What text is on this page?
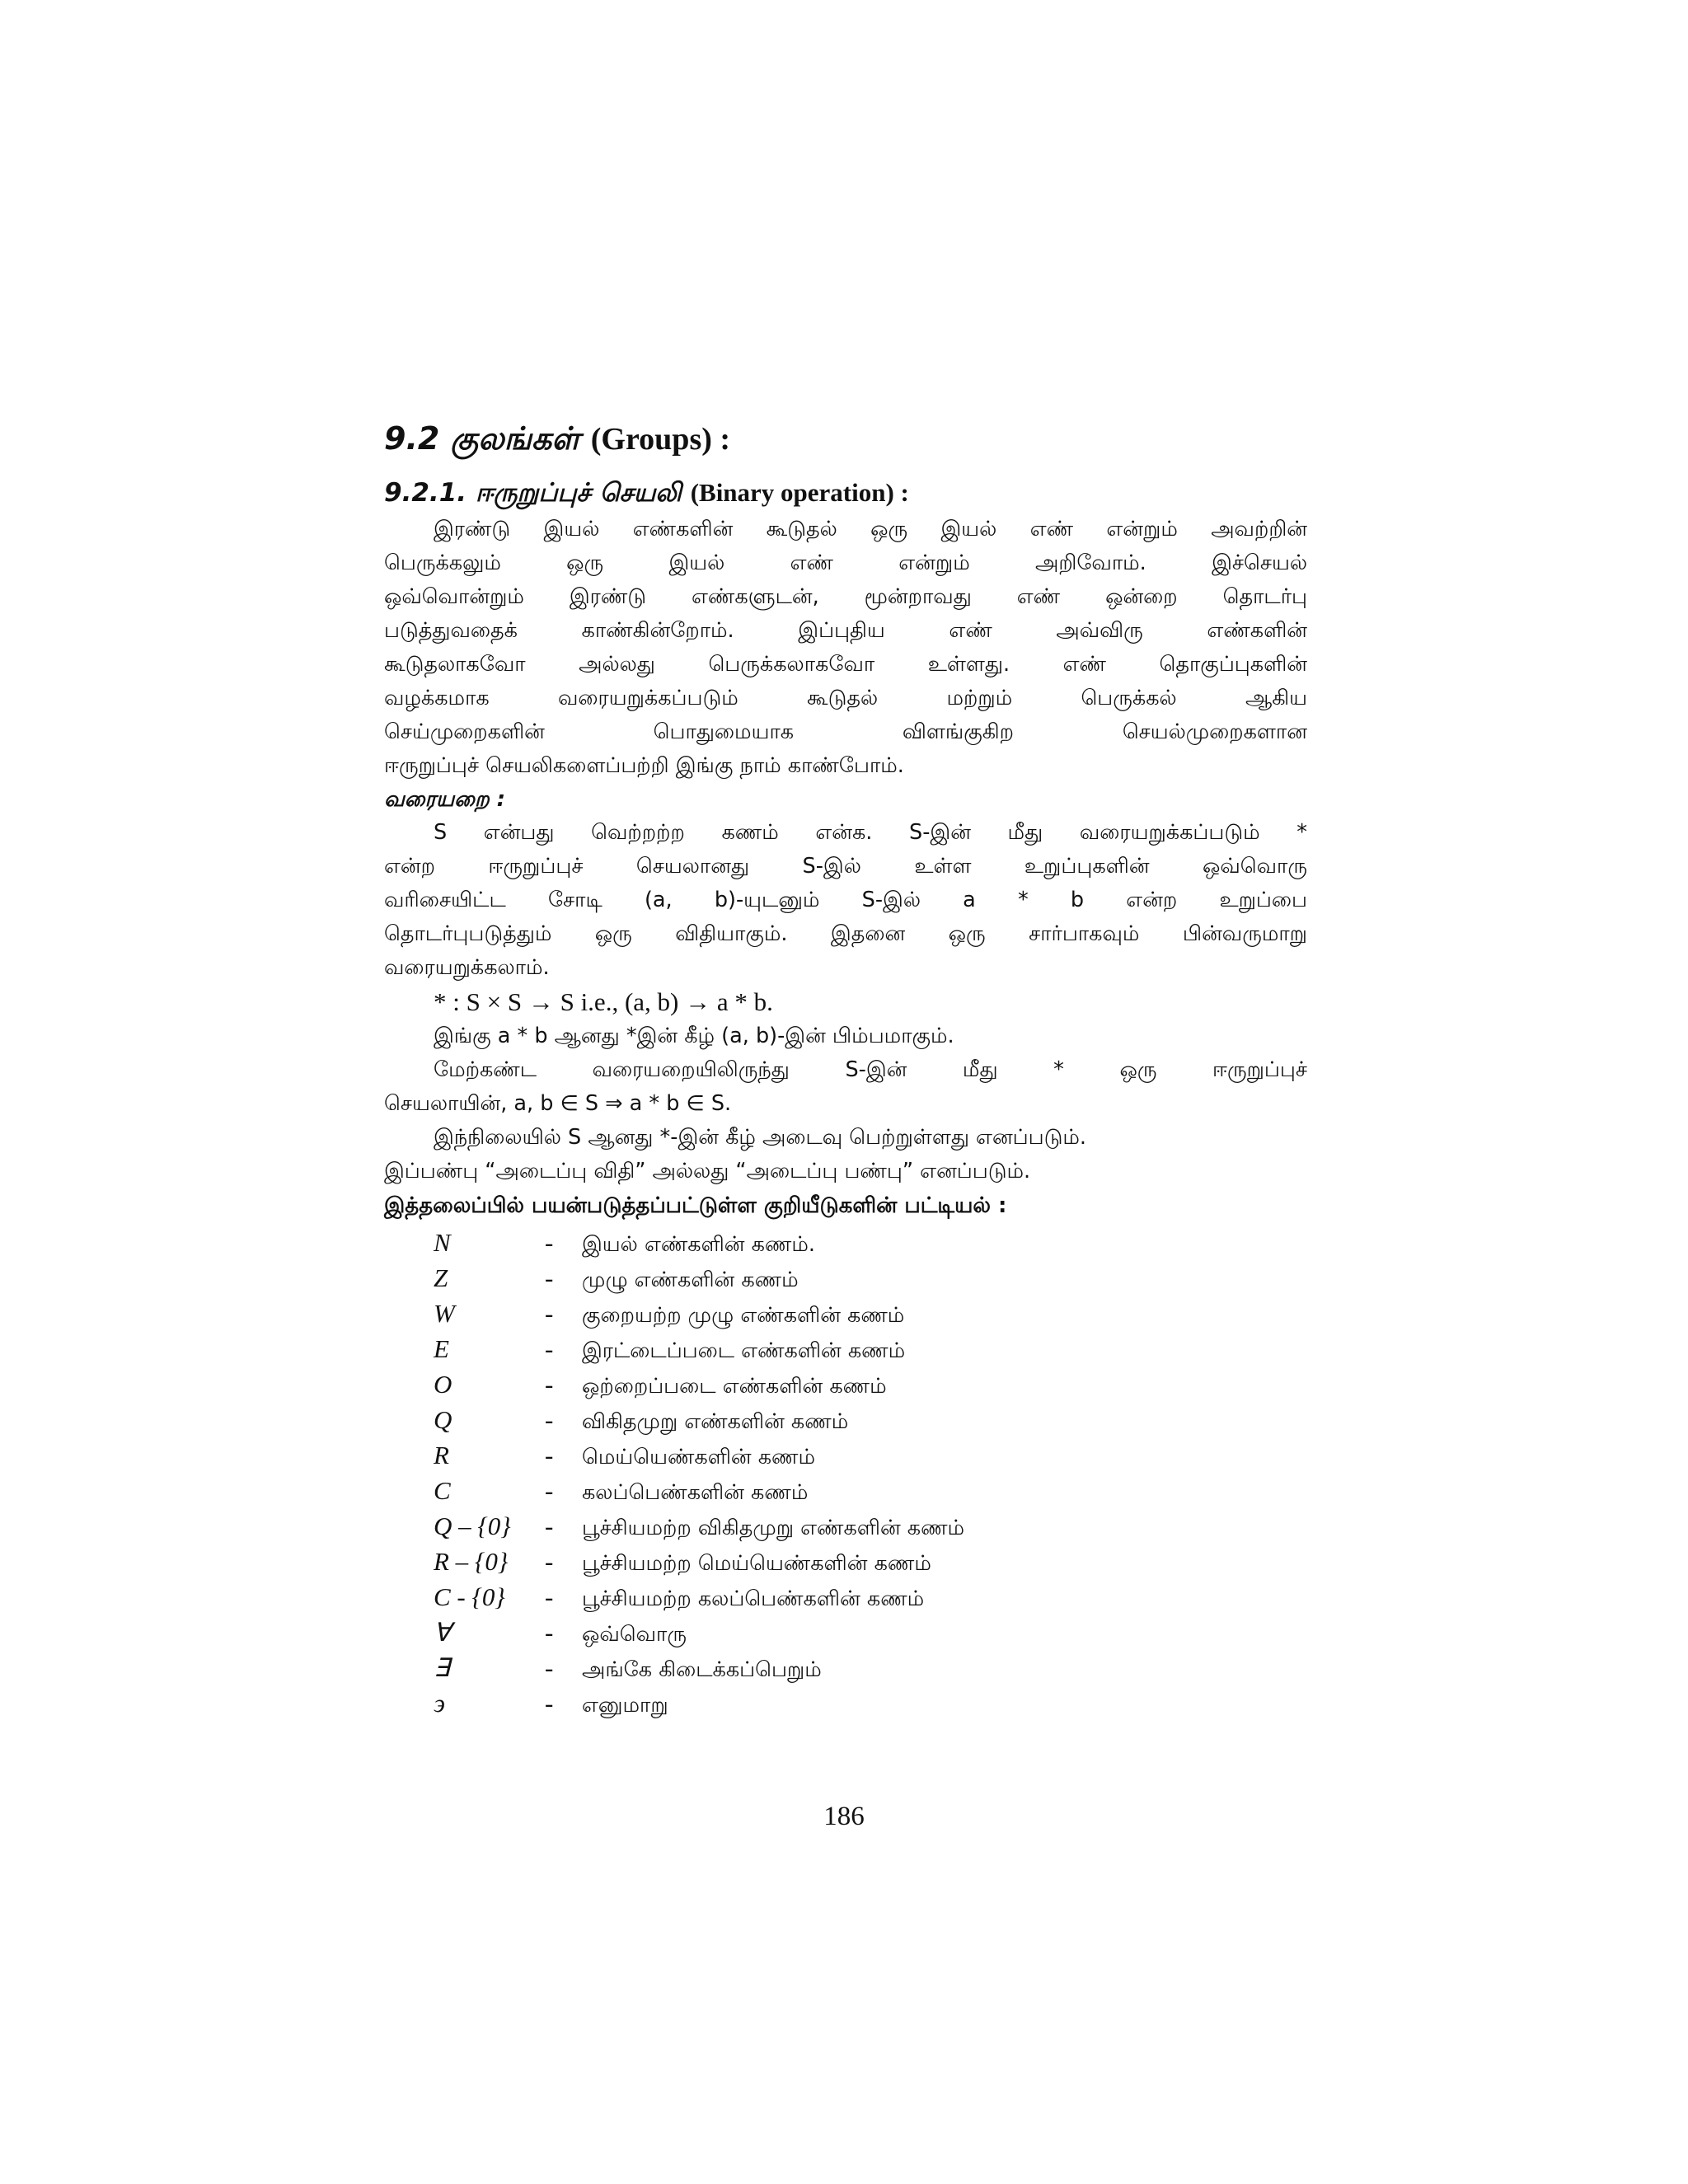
9.2 குலங்கள் (Groups) :
9.2.1. ஈருறுப்புச் செயலி (Binary operation) :
இரண்டு இயல் எண்களின் கூடுதல் ஒரு இயல் எண் என்றும் அவற்றின்
பெருக்கலும் ஒரு இயல் எண் என்றும் அறிவோம். இச்செயல்
ஒவ்வொன்றும் இரண்டு எண்களுடன், மூன்றாவது எண் ஒன்றை தொடர்பு
படுத்துவதைக் காண்கின்றோம். இப்புதிய எண் அவ்விரு எண்களின்
கூடுதலாகவோ அல்லது பெருக்கலாகவோ உள்ளது. எண் தொகுப்புகளின்
வழக்கமாக வரையறுக்கப்படும் கூடுதல் மற்றும் பெருக்கல் ஆகிய
செய்முறைகளின் பொதுமையாக விளங்குகிற செயல்முறைகளான
ஈருறுப்புச் செயலிகளைப்பற்றி இங்கு நாம் காண்போம்.
வரையறை :
S என்பது வெற்றற்ற கணம் என்க. S-இன் மீது வரையறுக்கப்படும் *
என்ற ஈருறுப்புச் செயலானது S-இல் உள்ள உறுப்புகளின் ஒவ்வொரு
வரிசையிட்ட சோடி (a, b)-யுடனும் S-இல் a * b என்ற உறுப்பை
தொடர்புபடுத்தும் ஒரு விதியாகும். இதனை ஒரு சார்பாகவும் பின்வருமாறு
வரையறுக்கலாம்.
* : S × S → S i.e., (a, b) → a * b.
இங்கு a * b ஆனது *இன் கீழ் (a, b)-இன் பிம்பமாகும்.
மேற்கண்ட வரையறையிலிருந்து S-இன் மீது * ஒரு ஈருறுப்புச்
செயலாயின், a, b ∈ S ⇒ a * b ∈ S.
இந்நிலையில் S ஆனது *-இன் கீழ் அடைவு பெற்றுள்ளது எனப்படும்.
இப்பண்பு “அடைப்பு விதி” அல்லது “அடைப்பு பண்பு” எனப்படும்.
இத்தலைப்பில் பயன்படுத்தப்பட்டுள்ள குறியீடுகளின் பட்டியல் :
N	-	இயல் எண்களின் கணம்.
Z	-	முழு எண்களின் கணம்
W	-	குறையற்ற முழு எண்களின் கணம்
E	-	இரட்டைப்படை எண்களின் கணம்
O	-	ஒற்றைப்படை எண்களின் கணம்
Q	-	விகிதமுறு எண்களின் கணம்
R	-	மெய்யெண்களின் கணம்
C	-	கலப்பெண்களின் கணம்
Q – {0}	-	பூச்சியமற்ற விகிதமுறு எண்களின் கணம்
R – {0}	-	பூச்சியமற்ற மெய்யெண்களின் கணம்
C - {0}	-	பூச்சியமற்ற கலப்பெண்களின் கணம்
∀	-	ஒவ்வொரு
∃	-	அங்கே கிடைக்கப்பெறும்
϶	-	எனுமாறு
186
